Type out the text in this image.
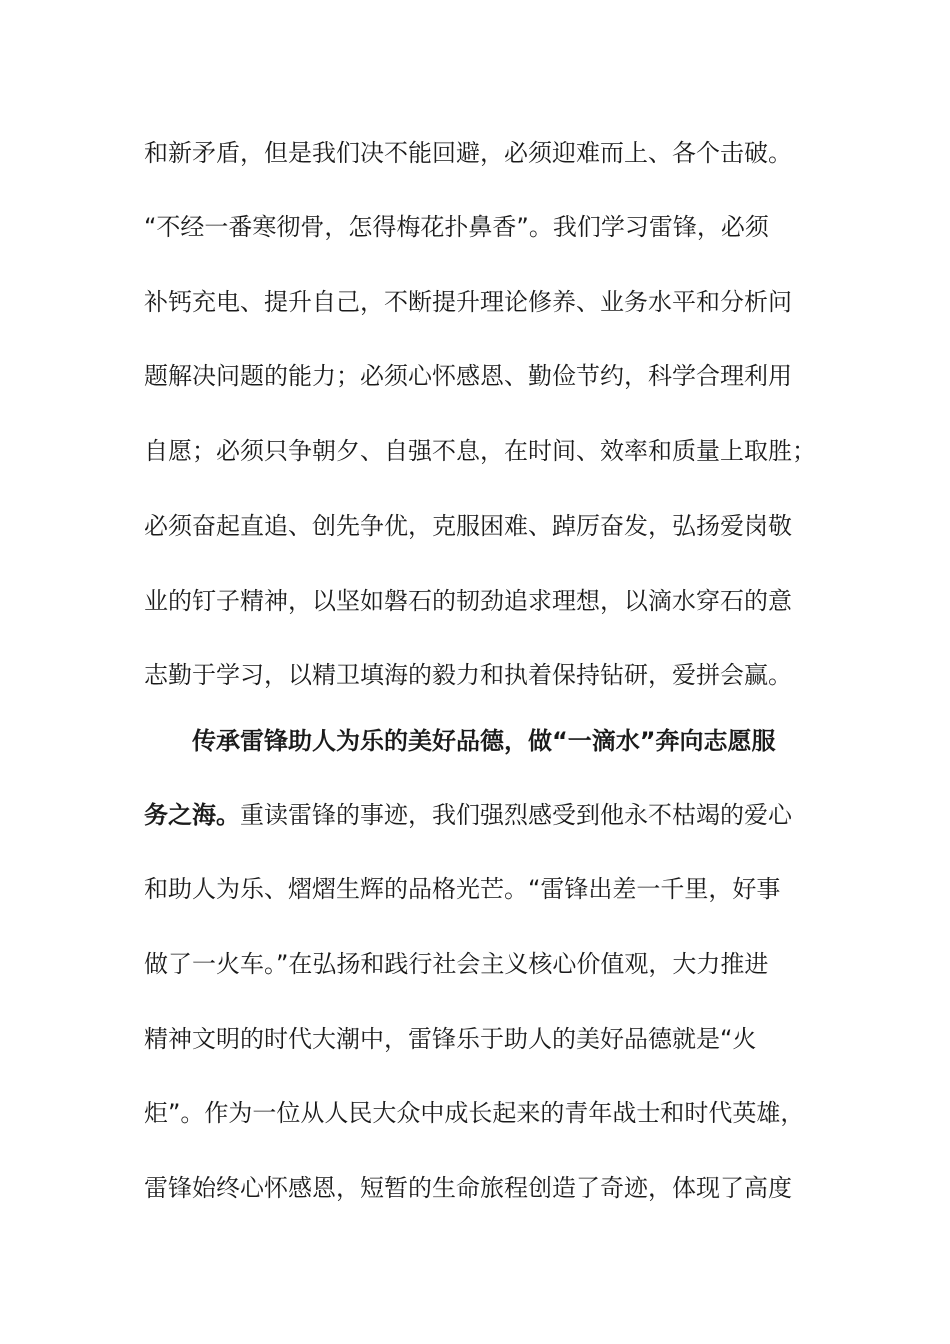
和新矛盾，但是我们决不能回避，必须迎难而上、各个击破。
“不经一番寒彻骨，怎得梅花扑鼻香”。我们学习雷锋，必须
补钙充电、提升自己，不断提升理论修养、业务水平和分析问
题解决问题的能力；必须心怀感恩、勤俭节约，科学合理利用
自愿；必须只争朝夕、自强不息，在时间、效率和质量上取胜；
必须奋起直追、创先争优，克服困难、踔厉奋发，弘扬爱岗敬
业的钉子精神，以坚如磐石的韧劲追求理想，以滴水穿石的意
志勤于学习，以精卫填海的毅力和执着保持钻研，爱拼会赢。
传承雷锋助人为乐的美好品德，做“一滴水”奔向志愿服
务之海。重读雷锋的事迹，我们强烈感受到他永不枯竭的爱心
和助人为乐、熠熠生辉的品格光芒。“雷锋出差一千里，好事
做了一火车。”在弘扬和践行社会主义核心价值观，大力推进
精神文明的时代大潮中，雷锋乐于助人的美好品德就是“火
炬”。作为一位从人民大众中成长起来的青年战士和时代英雄，
雷锋始终心怀感恩，短暂的生命旅程创造了奇迹，体现了高度
